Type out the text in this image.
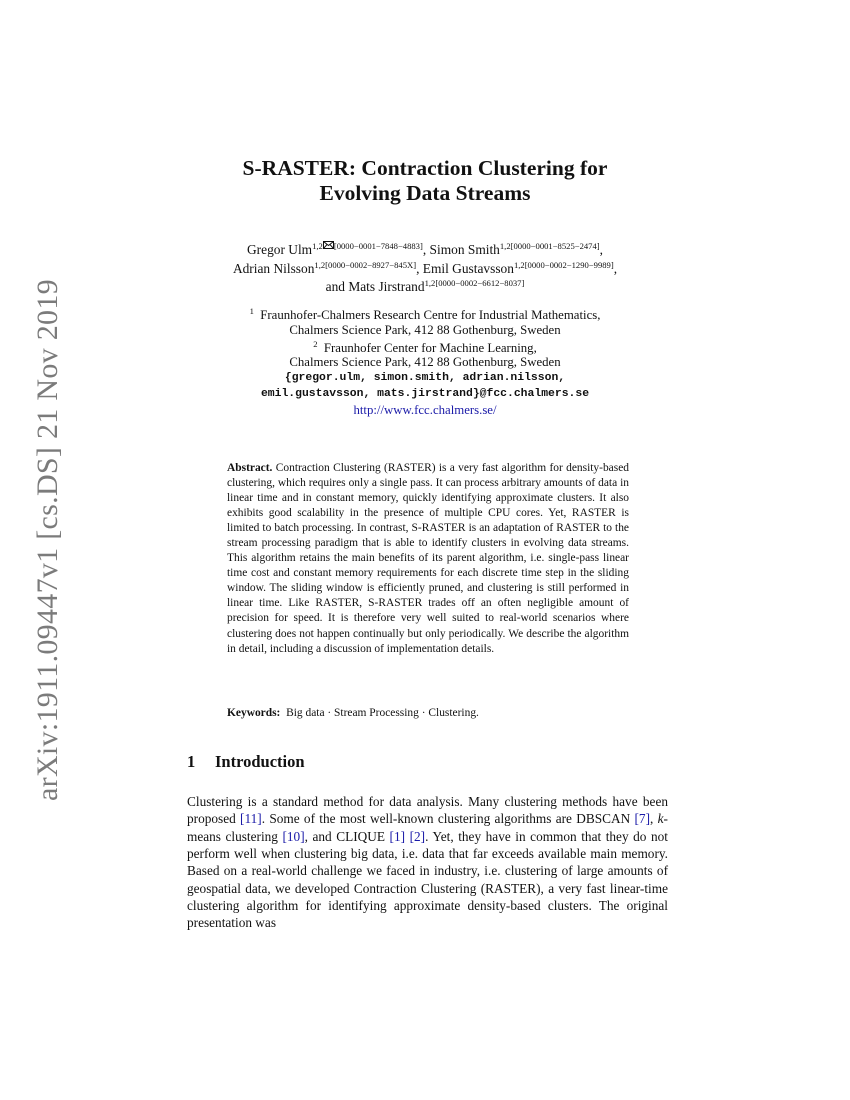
arXiv:1911.09447v1 [cs.DS] 21 Nov 2019
S-RASTER: Contraction Clustering for
Evolving Data Streams
Gregor Ulm$^{1,2}$ [0000−0001−7848−4883], Simon Smith$^{1,2[0000-0001-8525-2474]}$,
Adrian Nilsson$^{1,2[0000-0002-8927-845X]}$, Emil Gustavsson$^{1,2[0000-0002-1290-9989]}$,
and Mats Jirstrand$^{1,2[0000-0002-6612-8037]}$
$^1$ Fraunhofer-Chalmers Research Centre for Industrial Mathematics,
Chalmers Science Park, 412 88 Gothenburg, Sweden
$^2$ Fraunhofer Center for Machine Learning,
Chalmers Science Park, 412 88 Gothenburg, Sweden
{gregor.ulm, simon.smith, adrian.nilsson,
emil.gustavsson, mats.jirstrand}@fcc.chalmers.se
http://www.fcc.chalmers.se/
Abstract. Contraction Clustering (RASTER) is a very fast algorithm for density-based clustering, which requires only a single pass. It can process arbitrary amounts of data in linear time and in constant memory, quickly identifying approximate clusters. It also exhibits good scalability in the presence of multiple CPU cores. Yet, RASTER is limited to batch processing. In contrast, S-RASTER is an adaptation of RASTER to the stream processing paradigm that is able to identify clusters in evolving data streams. This algorithm retains the main benefits of its parent algorithm, i.e. single-pass linear time cost and constant memory requirements for each discrete time step in the sliding window. The sliding window is efficiently pruned, and clustering is still performed in linear time. Like RASTER, S-RASTER trades off an often negligible amount of precision for speed. It is therefore very well suited to real-world scenarios where clustering does not happen continually but only periodically. We describe the algorithm in detail, including a discussion of implementation details.
Keywords: Big data · Stream Processing · Clustering.
1 Introduction
Clustering is a standard method for data analysis. Many clustering methods have been proposed [11]. Some of the most well-known clustering algorithms are DBSCAN [7], k-means clustering [10], and CLIQUE [1] [2]. Yet, they have in common that they do not perform well when clustering big data, i.e. data that far exceeds available main memory. Based on a real-world challenge we faced in industry, i.e. clustering of large amounts of geospatial data, we developed Contraction Clustering (RASTER), a very fast linear-time clustering algorithm for identifying approximate density-based clusters. The original presentation was
